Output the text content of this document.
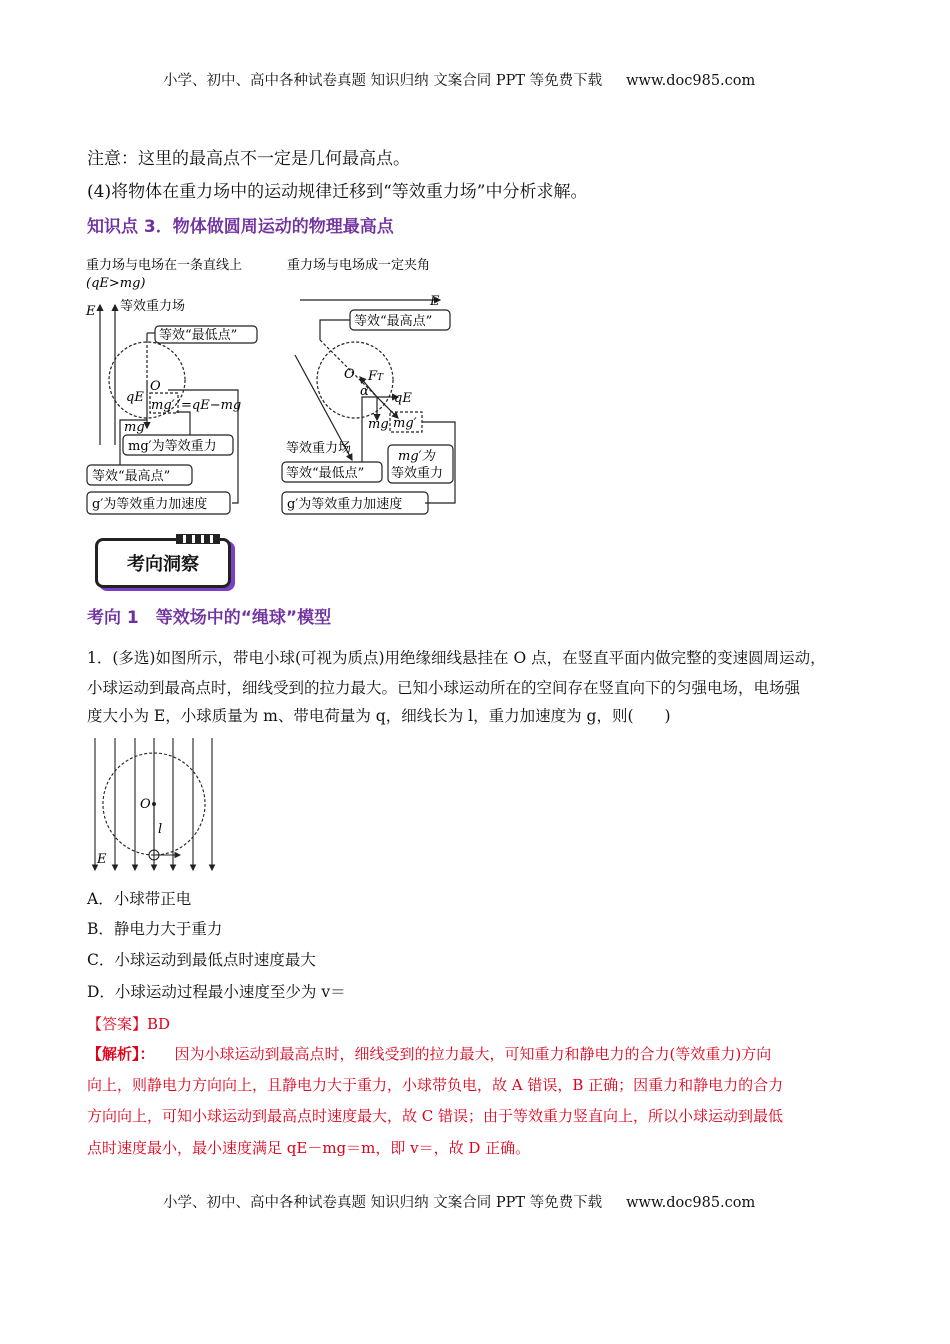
小学、初中、高中各种试卷真题 知识归纳 文案合同 PPT 等免费下载 www.doc985.com
注意：这里的最高点不一定是几何最高点。
(4)将物体在重力场中的运动规律迁移到“等效重力场”中分析求解。
知识点 3．物体做圆周运动的物理最高点
重力场与电场在一条直线上
(qE>mg)
E 等效重力场
等效“最低点”
O
qE
mg′ =qE−mg
mg
mg′为等效重力
等效“最高点”
g′为等效重力加速度
重力场与电场成一定夹角
E
等效“最高点”
O FT
α qE
mg mg′
等效重力场
等效“最低点”
mg′为
等效重力
g′为等效重力加速度
考向洞察
考向 1　等效场中的“绳球”模型
1．(多选)如图所示，带电小球(可视为质点)用绝缘细线悬挂在 O 点，在竖直平面内做完整的变速圆周运动，
小球运动到最高点时，细线受到的拉力最大。已知小球运动所在的空间存在竖直向下的匀强电场，电场强
度大小为 E，小球质量为 m、带电荷量为 q，细线长为 l，重力加速度为 g，则(　　)
O
l
E
A．小球带正电
B．静电力大于重力
C．小球运动到最低点时速度最大
D．小球运动过程最小速度至少为 v＝
【答案】BD
【解析】： 因为小球运动到最高点时，细线受到的拉力最大，可知重力和静电力的合力(等效重力)方向
向上，则静电力方向向上，且静电力大于重力，小球带负电，故 A 错误，B 正确；因重力和静电力的合力
方向向上，可知小球运动到最高点时速度最大，故 C 错误；由于等效重力竖直向上，所以小球运动到最低
点时速度最小，最小速度满足 qE－mg＝m，即 v＝，故 D 正确。
小学、初中、高中各种试卷真题 知识归纳 文案合同 PPT 等免费下载 www.doc985.com
